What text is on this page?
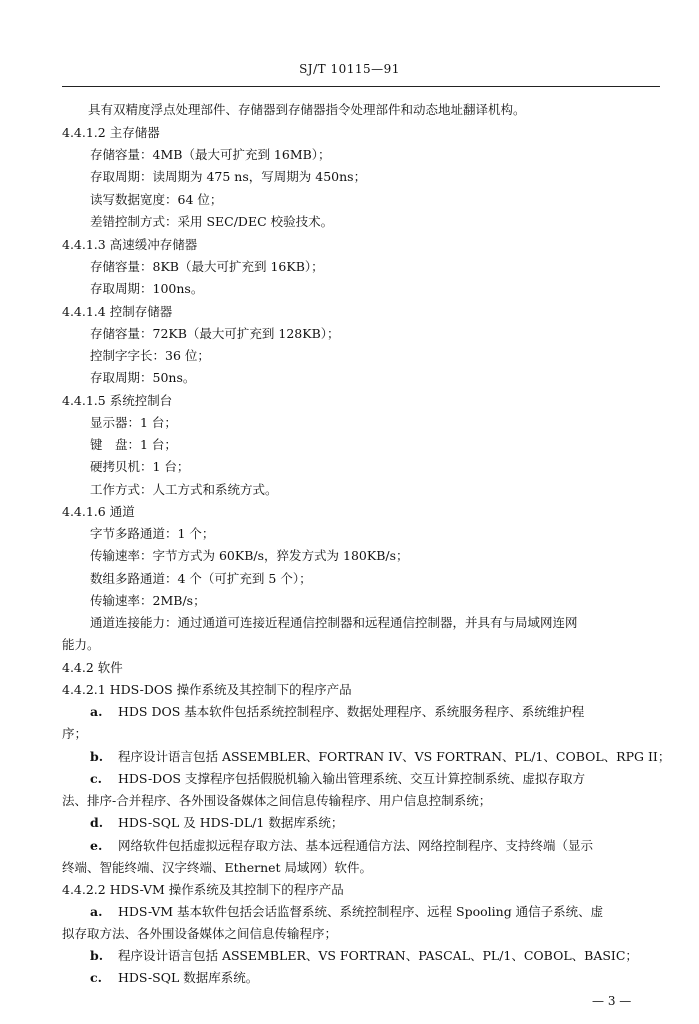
SJ/T 10115—91
具有双精度浮点处理部件、存储器到存储器指令处理部件和动态地址翻译机构。
4.4.1.2 主存储器
存储容量：4MB（最大可扩充到 16MB）；
存取周期：读周期为 475 ns，写周期为 450ns；
读写数据宽度：64 位；
差错控制方式：采用 SEC/DEC 校验技术。
4.4.1.3 高速缓冲存储器
存储容量：8KB（最大可扩充到 16KB）；
存取周期：100ns。
4.4.1.4 控制存储器
存储容量：72KB（最大可扩充到 128KB）；
控制字字长：36 位；
存取周期：50ns。
4.4.1.5 系统控制台
显示器：1 台；
键　盘：1 台；
硬拷贝机：1 台；
工作方式：人工方式和系统方式。
4.4.1.6 通道
字节多路通道：1 个；
传输速率：字节方式为 60KB/s，猝发方式为 180KB/s；
数组多路通道：4 个（可扩充到 5 个）；
传输速率：2MB/s；
通道连接能力：通过通道可连接近程通信控制器和远程通信控制器，并具有与局域网连网
能力。
4.4.2 软件
4.4.2.1 HDS-DOS 操作系统及其控制下的程序产品
a. HDS DOS 基本软件包括系统控制程序、数据处理程序、系统服务程序、系统维护程
序；
b. 程序设计语言包括 ASSEMBLER、FORTRAN IV、VS FORTRAN、PL/1、COBOL、RPG II；
c. HDS-DOS 支撑程序包括假脱机输入输出管理系统、交互计算控制系统、虚拟存取方
法、排序-合并程序、各外围设备媒体之间信息传输程序、用户信息控制系统；
d. HDS-SQL 及 HDS-DL/1 数据库系统；
e. 网络软件包括虚拟远程存取方法、基本远程通信方法、网络控制程序、支持终端（显示
终端、智能终端、汉字终端、Ethernet 局域网）软件。
4.4.2.2 HDS-VM 操作系统及其控制下的程序产品
a. HDS-VM 基本软件包括会话监督系统、系统控制程序、远程 Spooling 通信子系统、虚
拟存取方法、各外围设备媒体之间信息传输程序；
b. 程序设计语言包括 ASSEMBLER、VS FORTRAN、PASCAL、PL/1、COBOL、BASIC；
c. HDS-SQL 数据库系统。
— 3 —
